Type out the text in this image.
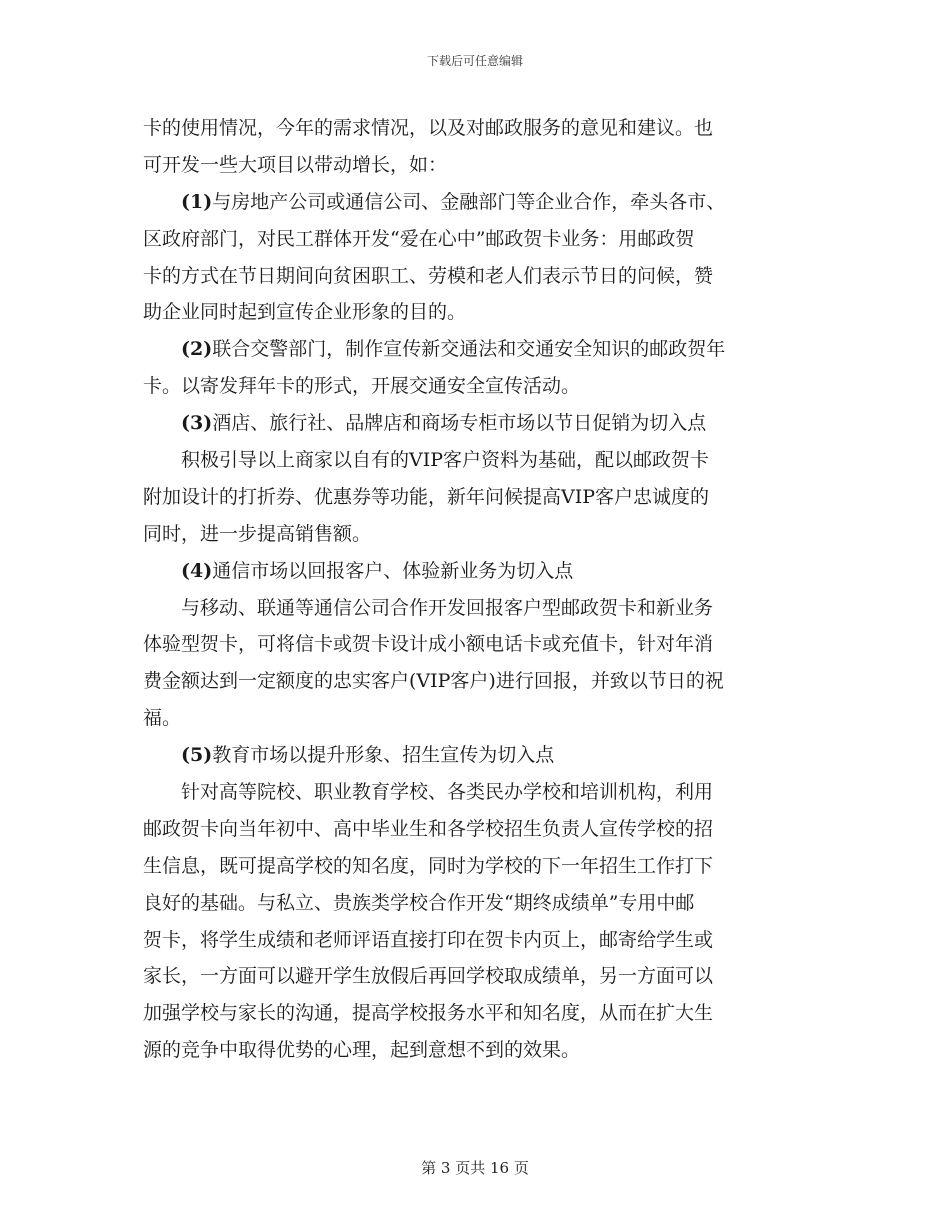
下载后可任意编辑
卡的使用情况，今年的需求情况，以及对邮政服务的意见和建议。也
可开发一些大项目以带动增长，如：
(1)与房地产公司或通信公司、金融部门等企业合作，牵头各市、
区政府部门，对民工群体开发“爱在心中”邮政贺卡业务：用邮政贺
卡的方式在节日期间向贫困职工、劳模和老人们表示节日的问候，赞
助企业同时起到宣传企业形象的目的。
(2)联合交警部门，制作宣传新交通法和交通安全知识的邮政贺年
卡。以寄发拜年卡的形式，开展交通安全宣传活动。
(3)酒店、旅行社、品牌店和商场专柜市场以节日促销为切入点
积极引导以上商家以自有的VIP客户资料为基础，配以邮政贺卡
附加设计的打折券、优惠券等功能，新年问候提高VIP客户忠诚度的
同时，进一步提高销售额。
(4)通信市场以回报客户、体验新业务为切入点
与移动、联通等通信公司合作开发回报客户型邮政贺卡和新业务
体验型贺卡，可将信卡或贺卡设计成小额电话卡或充值卡，针对年消
费金额达到一定额度的忠实客户(VIP客户)进行回报，并致以节日的祝
福。
(5)教育市场以提升形象、招生宣传为切入点
针对高等院校、职业教育学校、各类民办学校和培训机构，利用
邮政贺卡向当年初中、高中毕业生和各学校招生负责人宣传学校的招
生信息，既可提高学校的知名度，同时为学校的下一年招生工作打下
良好的基础。与私立、贵族类学校合作开发“期终成绩单”专用中邮
贺卡，将学生成绩和老师评语直接打印在贺卡内页上，邮寄给学生或
家长，一方面可以避开学生放假后再回学校取成绩单，另一方面可以
加强学校与家长的沟通，提高学校报务水平和知名度，从而在扩大生
源的竞争中取得优势的心理，起到意想不到的效果。
第 3 页共 16 页
